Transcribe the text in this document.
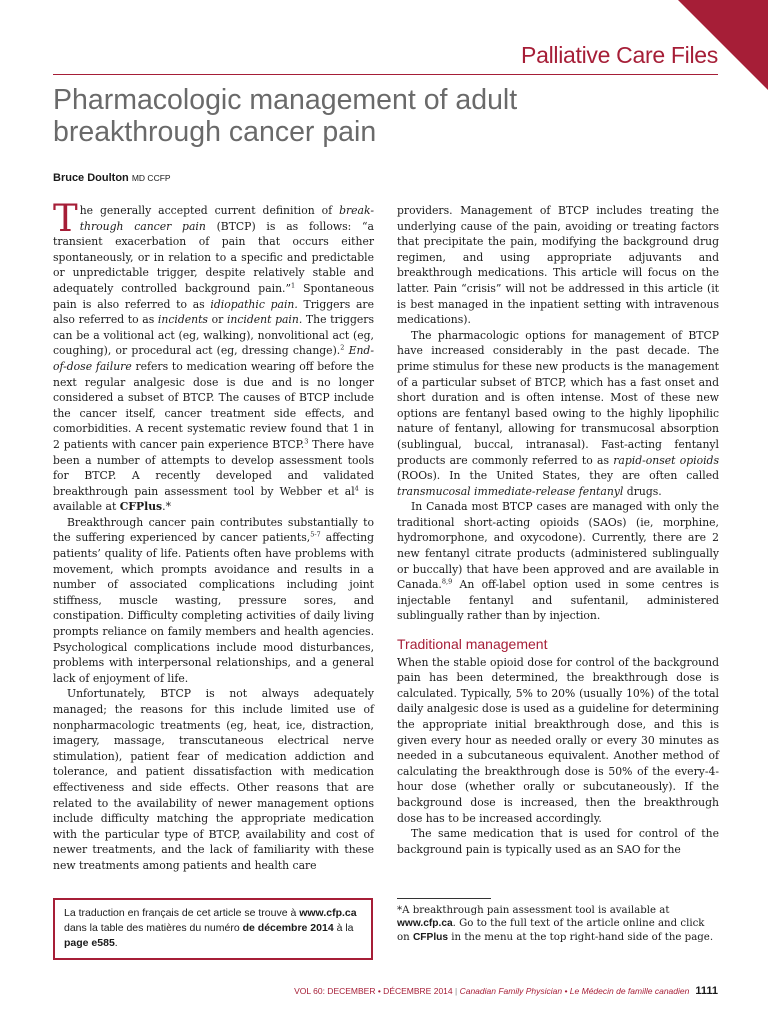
Palliative Care Files
Pharmacologic management of adult breakthrough cancer pain
Bruce Doulton MD CCFP

The generally accepted current definition of break-through cancer pain (BTCP) is as follows: “a transient exacerbation of pain that occurs either spontaneously, or in relation to a specific and predictable or unpredictable trigger, despite relatively stable and adequately controlled background pain.”$^1$ Spontaneous pain is also referred to as idiopathic pain. Triggers are also referred to as incidents or incident pain. The triggers can be a volitional act (eg, walking), nonvolitional act (eg, coughing), or procedural act (eg, dressing change).$^2$ End-of-dose failure refers to medication wearing off before the next regular analgesic dose is due and is no longer considered a subset of BTCP. The causes of BTCP include the cancer itself, cancer treatment side effects, and comorbidities. A recent systematic review found that 1 in 2 patients with cancer pain experience BTCP.$^3$ There have been a number of attempts to develop assessment tools for BTCP. A recently developed and validated breakthrough pain assessment tool by Webber et $al^4$ is available at CFPlus.*

Breakthrough cancer pain contributes substantially to the suffering experienced by cancer patients,$^{5-7}$ affecting patients’ quality of life. Patients often have problems with movement, which prompts avoidance and results in a number of associated complications including joint stiffness, muscle wasting, pressure sores, and constipation. Difficulty completing activities of daily living prompts reliance on family members and health agencies. Psychological complications include mood disturbances, problems with interpersonal relationships, and a general lack of enjoyment of life.

Unfortunately, BTCP is not always adequately managed; the reasons for this include limited use of nonpharmacologic treatments (eg, heat, ice, distraction, imagery, massage, transcutaneous electrical nerve stimulation), patient fear of medication addiction and tolerance, and patient dissatisfaction with medication effectiveness and side effects. Other reasons that are related to the availability of newer management options include difficulty matching the appropriate medication with the particular type of BTCP, availability and cost of newer treatments, and the lack of familiarity with these new treatments among patients and health care

providers. Management of BTCP includes treating the underlying cause of the pain, avoiding or treating factors that precipitate the pain, modifying the background drug regimen, and using appropriate adjuvants and breakthrough medications. This article will focus on the latter. Pain “crisis” will not be addressed in this article (it is best managed in the inpatient setting with intravenous medications).

The pharmacologic options for management of BTCP have increased considerably in the past decade. The prime stimulus for these new products is the management of a particular subset of BTCP, which has a fast onset and short duration and is often intense. Most of these new options are fentanyl based owing to the highly lipophilic nature of fentanyl, allowing for transmucosal absorption (sublingual, buccal, intranasal). Fast-acting fentanyl products are commonly referred to as rapid-onset opioids (ROOs). In the United States, they are often called transmucosal immediate-release fentanyl drugs.

In Canada most BTCP cases are managed with only the traditional short-acting opioids (SAOs) (ie, morphine, hydromorphone, and oxycodone). Currently, there are 2 new fentanyl citrate products (administered sublingually or buccally) that have been approved and are available in Canada.$^{8,9}$ An off-label option used in some centres is injectable fentanyl and sufentanil, administered sublingually rather than by injection.

Traditional management

When the stable opioid dose for control of the background pain has been determined, the breakthrough dose is calculated. Typically, 5% to 20% (usually 10%) of the total daily analgesic dose is used as a guideline for determining the appropriate initial breakthrough dose, and this is given every hour as needed orally or every 30 minutes as needed in a subcutaneous equivalent. Another method of calculating the breakthrough dose is 50% of the every-4-hour dose (whether orally or subcutaneously). If the background dose is increased, then the breakthrough dose has to be increased accordingly.

The same medication that is used for control of the background pain is typically used as an SAO for the

La traduction en français de cet article se trouve à www.cfp.ca dans la table des matières du numéro de décembre 2014 à la page e585.
*A breakthrough pain assessment tool is available at www.cfp.ca. Go to the full text of the article online and click on CFPlus in the menu at the top right-hand side of the page.
VOL 60: DECEMBER • DÉCEMBRE 2014 | Canadian Family Physician • Le Médecin de famille canadien 1111
